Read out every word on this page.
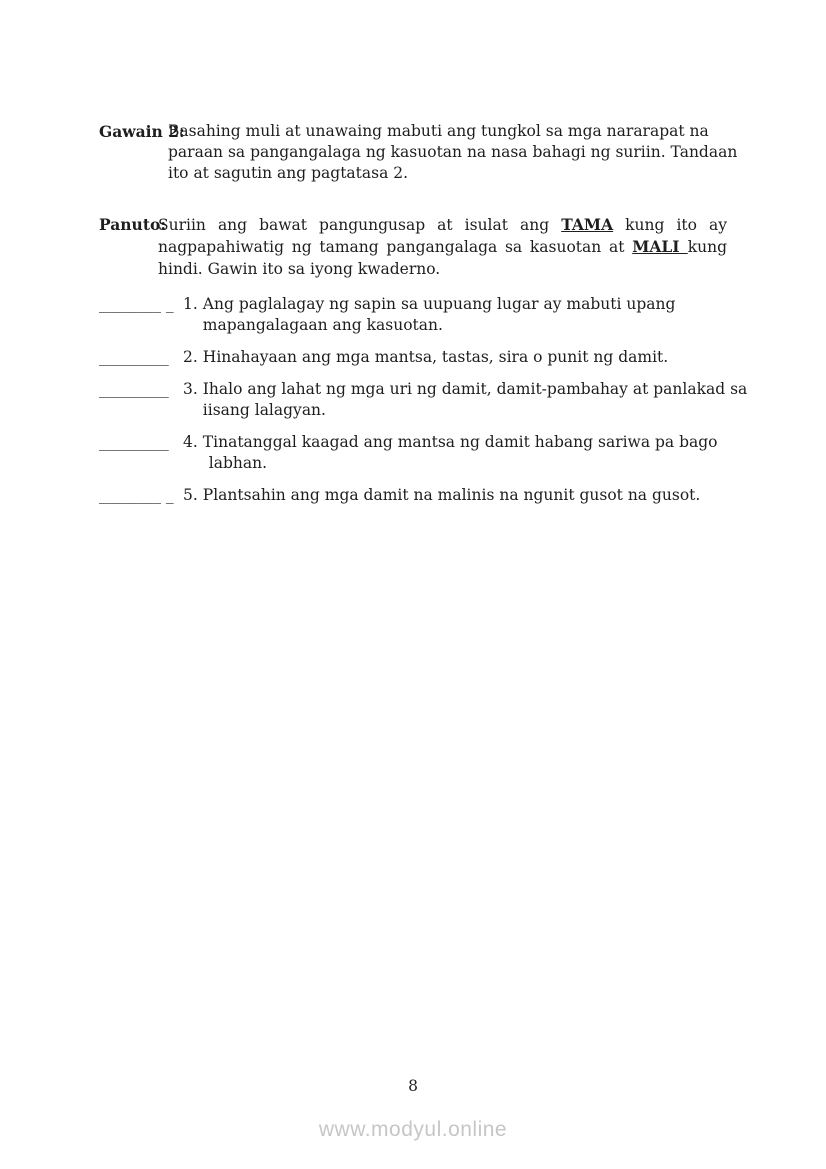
Gawain 2:
Basahing muli at unawaing mabuti ang tungkol sa mga nararapat na
paraan sa pangangalaga ng kasuotan na nasa bahagi ng suriin. Tandaan
ito at sagutin ang pagtatasa 2.
Panuto:
Suriin ang bawat pangungusap at isulat ang TAMA kung ito ay
nagpapahiwatig ng tamang pangangalaga sa kasuotan at MALI kung
hindi. Gawin ito sa iyong kwaderno.
________ _ 1. Ang paglalagay ng sapin sa uupuang lugar ay mabuti upang
mapangalagaan ang kasuotan.
_________ 2. Hinahayaan ang mga mantsa, tastas, sira o punit ng damit.
_________ 3. Ihalo ang lahat ng mga uri ng damit, damit-pambahay at panlakad sa
iisang lalagyan.
_________ 4. Tinatanggal kaagad ang mantsa ng damit habang sariwa pa bago
labhan.
________ _ 5. Plantsahin ang mga damit na malinis na ngunit gusot na gusot.
8
www.modyul.online
